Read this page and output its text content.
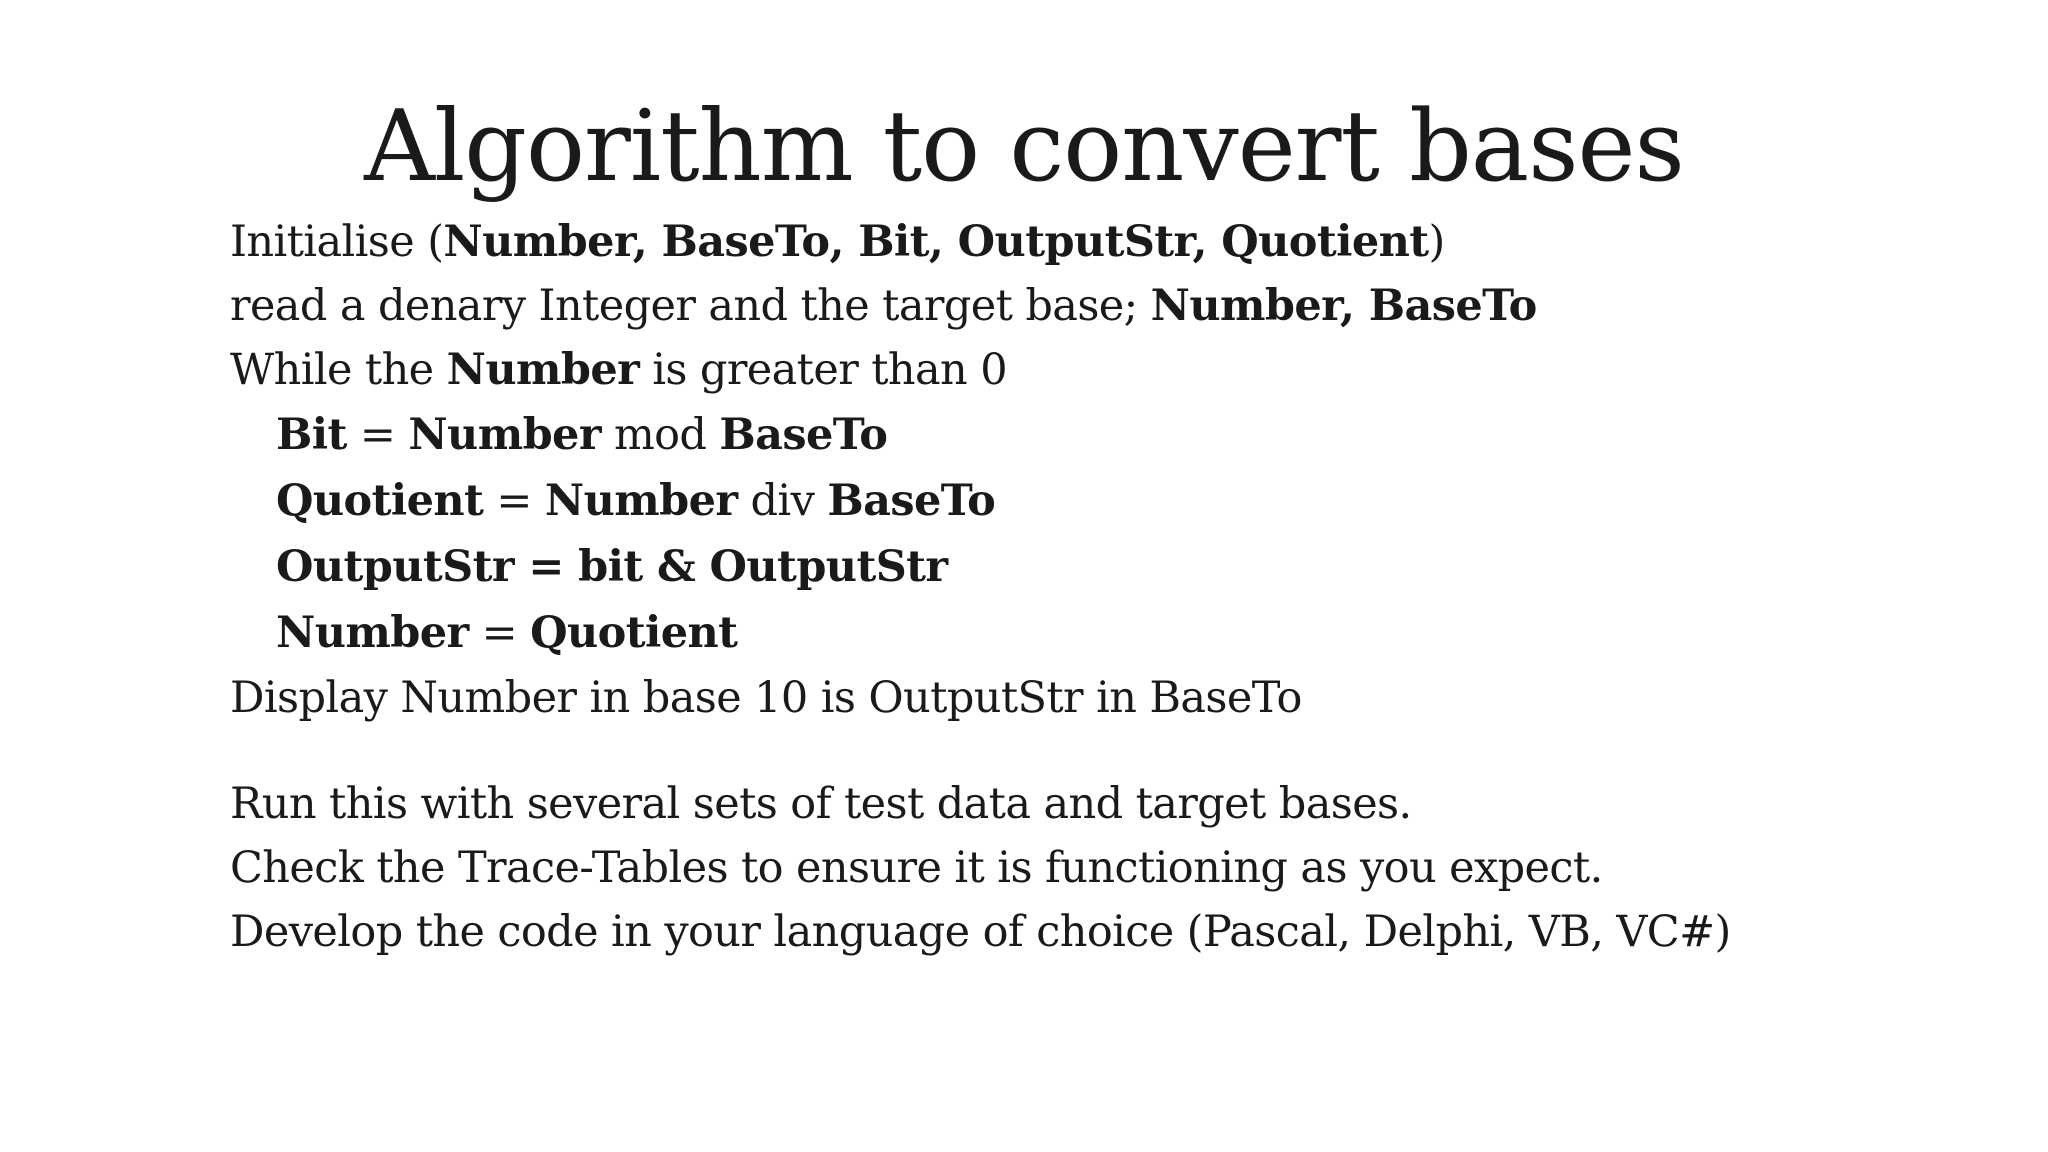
Algorithm to convert bases
Initialise (Number, BaseTo, Bit, OutputStr, Quotient)
read a denary Integer and the target base; Number, BaseTo
While the Number is greater than 0
Bit = Number mod BaseTo
Quotient = Number div BaseTo
OutputStr = bit & OutputStr
Number = Quotient
Display Number in base 10 is OutputStr in BaseTo
Run this with several sets of test data and target bases.
Check the Trace-Tables to ensure it is functioning as you expect.
Develop the code in your language of choice (Pascal, Delphi, VB, VC#)
